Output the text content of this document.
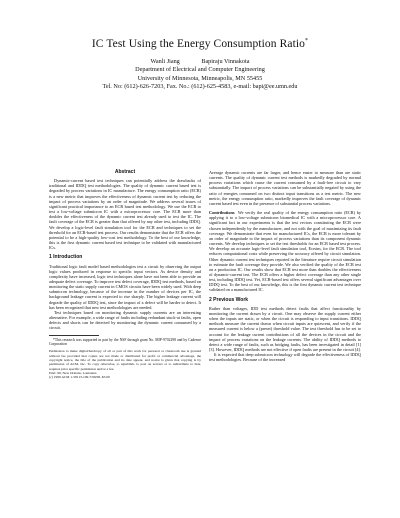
IC Test Using the Energy Consumption Ratio*
Wanli Jiang	Bapiraju Vinnakota
Department of Electrical and Computer Engineering
University of Minnesota, Minneapolis, MN 55455
Tel. No: (612)-626-7203, Fax. No.: (612)-625-4583, e-mail: bapi@ee.umn.edu
Abstract

Dynamic-current based test techniques can potentially address the drawbacks of traditional and IDDQ test methodologies. The quality of dynamic current based test is degraded by process variations in IC manufacture. The energy consumption ratio (ECR) is a new metric that improves the effectiveness of dynamic current test by reducing the impact of process variations by an order of magnitude. We address several issues of significant practical importance to an ECR based test methodology. We use the ECR to test a low-voltage submicron IC with a microprocessor core. The ECR more than doubles the effectiveness of the dynamic current test already used to test the IC. The fault coverage of the ECR is greater than that offered by any other test, including IDDQ. We develop a logic-level fault simulation tool for the ECR and techniques to set the threshold for an ECR-based test process. Our results demonstrate that the ECR offers the potential to be a high-quality low-cost test methodology. To the best of our knowledge, this is the first dynamic current based test technique to be validated with manufactured ICs.

1 Introduction

Traditional logic fault model based methodologies test a circuit by observing the output logic values produced in response to specific input vectors. As device density and complexity have increased, logic test techniques alone have not been able to provide an adequate defect coverage. To improve test defect coverage, IDDQ test methods, based on monitoring the static supply current in CMOS circuits have been widely used. With deep submicron technology, because of the increase in the number of devices per IC, the background leakage current is expected to rise sharply. The higher leakage current will degrade the quality of IDDQ test, since the impact of a defect will be harder to detect. It has been recognized that new test methodologies are needed.

Test techniques based on monitoring dynamic supply currents are an interesting alternative. For example, a wide range of faults including redundant stuck-at faults, open defects and shorts can be detected by monitoring the dynamic current consumed by a circuit.

*This research was supported in part by the NSF through grant No. MIP-9702298 and by Cadence Corporation
Permission to make digital/hardcopy of all or part of this work for personal or classroom use is granted without fee provided that copies are not made or distributed for profit or commercial advantage, the copyright notice, the title of the publication and its date appear, and notice is given that copying is by permission of ACM, Inc. To copy otherwise, to republish, to post on servers or to redistribute to lists, requires prior specific permission and/or a fee.
DAC 99, New Orleans, Louisiana
(c) 1999 ACM 1-58113-109-7/99/06..$5.00

Average dynamic currents are far larger, and hence easier to measure than are static currents. The quality of dynamic current test methods is markedly degraded by normal process variations which cause the current consumed by a fault-free circuit to vary substantially. The impact of process variations can be substantially negated by using the ratio of energies consumed on two distinct input transitions as a test metric. The new metric, the energy consumption ratio, markedly improves the fault coverage of dynamic current based test even in the presence of substantial process variations.

Contributions We verify the real quality of the energy consumption ratio (ECR) by applying it to a low-voltage submicron biomedical IC with a microprocessor core. A significant fact in our experiments is that the test vectors constituting the ECR were chosen independently by the manufacturer, and not with the goal of maximizing its fault coverage. We demonstrate that even for manufactured ICs, the ECR is more tolerant by an order of magnitude to the impact of process variations than its component dynamic currents. We develop techniques to set the test thresholds for an ECR based test process. We develop an accurate logic-level fault simulation tool, Ecrsim, for the ECR. The tool reduces computational costs while preserving the accuracy offered by circuit simulation. Other dynamic current test techniques reported in the literature require circuit simulation to estimate the fault coverage they provide. We also verified the quality of the ECR test on a production IC. Our results show that ECR test more than doubles the effectiveness of dynamic-current test. The ECR offers a higher defect coverage than any other single test, including IDDQ test. Yet, ECR-based test offers several significant advantages over IDDQ test. To the best of our knowledge, this is the first dynamic current test technique validated on a manufactured IC.

2 Previous Work

Rather than voltages, IDD test methods detect faults that affect functionality by monitoring the current drawn by a circuit. One may observe the supply current either when the inputs are static, or when the circuit is responding to input transitions. IDDQ methods measure the current drawn when circuit inputs are quiescent, and verify if the measured current is below a (preset) threshold value. The test threshold has to be set to account for the leakage current contributions of all the devices in the circuit and the impact of process variations on the leakage currents. The ability of IDDQ methods to detect a wide range of faults, such as bridging faults, has been investigated in detail [1] [3]. However, IDDQ methods are not effective if open faults are present in the circuit [4].

It is expected that deep submicron technology will degrade the effectiveness of IDDQ test methodologies. Because of the increased
